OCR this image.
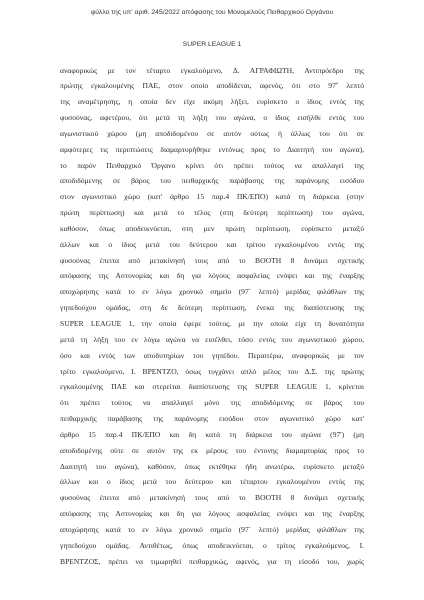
φύλλο της υπ' αριθ. 245/2022 απόφασης του Μονομελούς Πειθαρχικού Οργάνου
SUPER LEAGUE 1
αναφορικώς με τον τέταρτο εγκαλούμενο, Δ. ΑΓΡΑΦΙΩΤΗ, Αντιπρόεδρο της
πρώτης εγκαλουμένης ΠΑΕ, στον οποίο αποδίδεται, αφενός, ότι στο $97^o$ λεπτό
της αναμέτρησης, η οποία δεν είχε ακόμη λήξει, ευρίσκετο ο ίδιος εντός της
φυσούνας, αφετέρου, ότι μετά τη λήξη του αγώνα, ο ίδιος εισήλθε εντός του
αγωνιστικού χώρου (μη αποδιδομένου σε αυτόν ούτως ή άλλως του ότι σε
αμφότερες τις περιπτώσεις διαμαρτυρήθηκε εντόνως προς το Διαιτητή του αγώνα),
το παρόν Πειθαρχικό Όργανο κρίνει ότι πρέπει τούτος να απαλλαγεί της
αποδιδόμενης σε βάρος του πειθαρχικής παράβασης της παράνομης εισόδου
στον αγωνιστικό χώρο (κατ' άρθρο 15 παρ.4 ΠΚ/ΕΠΟ) κατά τη διάρκεια (στην
πρώτη περίπτωση) και μετά το τέλος (στη δεύτερη περίπτωση) του αγώνα,
καθόσον, όπως αποδεικνύεται, στη μεν πρώτη περίπτωση, ευρίσκετο μεταξύ
άλλων και ο ίδιος μετά του δεύτερου και τρίτου εγκαλουμένου εντός της
φυσούνας έπειτα από μετακίνησή τους από το BOOTH 8 δυνάμει σχετικής
απόφασης της Αστυνομίας και δη για λόγους ασφαλείας ενόψει και της έναρξης
αποχώρησης κατά το εν λόγω χρονικό σημείο (97΄ λεπτό) μερίδας φιλάθλων της
γηπεδούχου ομάδας, στη δε δεύτερη περίπτωση, ένεκα της διαπίστευσης της
SUPER LEAGUE 1, την οποία έφερε τούτος, με την οποία είχε τη δυνατότητα
μετά τη λήξη του εν λόγω αγώνα να εισέλθει, τόσο εντός του αγωνιστικού χώρου,
όσο και εντός των αποδυτηρίων του γηπέδου. Περαιτέρω, αναφορικώς με τον
τρίτο εγκαλούμενο, Ι. ΒΡΕΝΤΖΟ, όσως τυγχάνει απλό μέλος του Δ.Σ. της πρώτης
εγκαλουμένης ΠΑΕ και στερείται διαπίστευσης της SUPER LEAGUE 1, κρίνεται
ότι πρέπει τούτος να απαλλαγεί μόνο της αποδιδόμενης σε βάρος του
πειθαρχικής παράβασης της παράνομης εισόδου στον αγωνιστικό χώρο κατ'
άρθρο 15 παρ.4 ΠΚ/ΕΠΟ και δη κατά τη διάρκεια του αγώνα (97') (μη
αποδιδομένης ούτε σε αυτόν της εκ μέρους του έντονης διαμαρτυρίας προς το
Διαιτητή του αγώνα), καθόσον, όπως εκτέθηκε ήδη ανωτέρω, ευρίσκετο μεταξύ
άλλων και ο ίδιος μετά του δεύτερου και τέταρτου εγκαλουμένου εντός της
φυσούνας έπειτα από μετακίνησή τους από το BOOTH 8 δυνάμει σχετικής
απόφασης της Αστυνομίας και δη για λόγους ασφαλείας ενόψει και της έναρξης
αποχώρησης κατά το εν λόγω χρονικό σημείο (97΄ λεπτό) μερίδας φιλάθλων της
γηπεδούχου ομάδας. Αντιθέτως, όπως αποδεικνύεται, ο τρίτος εγκαλούμενος, Ι.
ΒΡΕΝΤΖΟΣ, πρέπει να τιμωρηθεί πειθαρχικώς, αφενός, για τη είσοδό του, χωρίς
